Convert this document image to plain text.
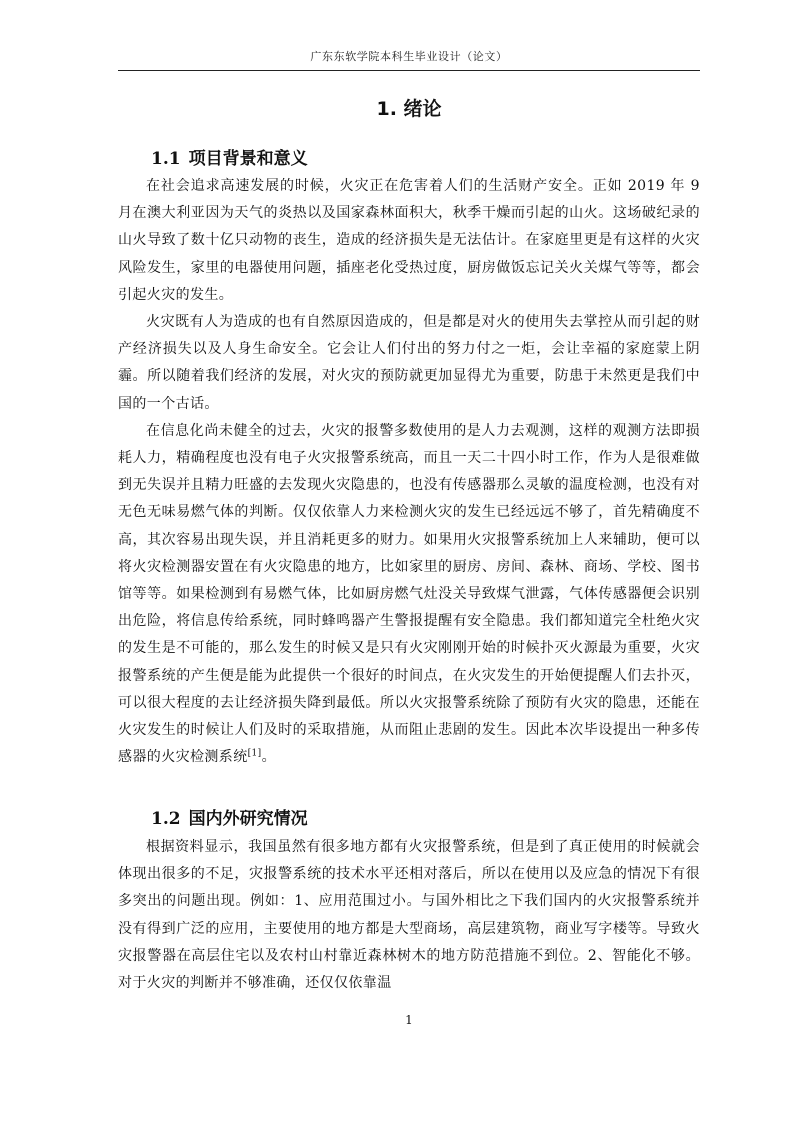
广东东软学院本科生毕业设计（论文）
1. 绪论
1.1 项目背景和意义

在社会追求高速发展的时候，火灾正在危害着人们的生活财产安全。正如 2019 年 9 月在澳大利亚因为天气的炎热以及国家森林面积大，秋季干燥而引起的山火。这场破纪录的山火导致了数十亿只动物的丧生，造成的经济损失是无法估计。在家庭里更是有这样的火灾风险发生，家里的电器使用问题，插座老化受热过度，厨房做饭忘记关火关煤气等等，都会引起火灾的发生。

火灾既有人为造成的也有自然原因造成的，但是都是对火的使用失去掌控从而引起的财产经济损失以及人身生命安全。它会让人们付出的努力付之一炬，会让幸福的家庭蒙上阴霾。所以随着我们经济的发展，对火灾的预防就更加显得尤为重要，防患于未然更是我们中国的一个古话。

在信息化尚未健全的过去，火灾的报警多数使用的是人力去观测，这样的观测方法即损耗人力，精确程度也没有电子火灾报警系统高，而且一天二十四小时工作，作为人是很难做到无失误并且精力旺盛的去发现火灾隐患的，也没有传感器那么灵敏的温度检测，也没有对无色无味易燃气体的判断。仅仅依靠人力来检测火灾的发生已经远远不够了，首先精确度不高，其次容易出现失误，并且消耗更多的财力。如果用火灾报警系统加上人来辅助，便可以将火灾检测器安置在有火灾隐患的地方，比如家里的厨房、房间、森林、商场、学校、图书馆等等。如果检测到有易燃气体，比如厨房燃气灶没关导致煤气泄露，气体传感器便会识别出危险，将信息传给系统，同时蜂鸣器产生警报提醒有安全隐患。我们都知道完全杜绝火灾的发生是不可能的，那么发生的时候又是只有火灾刚刚开始的时候扑灭火源最为重要，火灾报警系统的产生便是能为此提供一个很好的时间点，在火灾发生的开始便提醒人们去扑灭，可以很大程度的去让经济损失降到最低。所以火灾报警系统除了预防有火灾的隐患，还能在火灾发生的时候让人们及时的采取措施，从而阻止悲剧的发生。因此本次毕设提出一种多传感器的火灾检测系统[1]。

1.2 国内外研究情况

根据资料显示，我国虽然有很多地方都有火灾报警系统，但是到了真正使用的时候就会体现出很多的不足，灾报警系统的技术水平还相对落后，所以在使用以及应急的情况下有很多突出的问题出现。例如：1、应用范围过小。与国外相比之下我们国内的火灾报警系统并没有得到广泛的应用，主要使用的地方都是大型商场，高层建筑物，商业写字楼等。导致火灾报警器在高层住宅以及农村山村靠近森林树木的地方防范措施不到位。2、智能化不够。对于火灾的判断并不够准确，还仅仅依靠温

1
